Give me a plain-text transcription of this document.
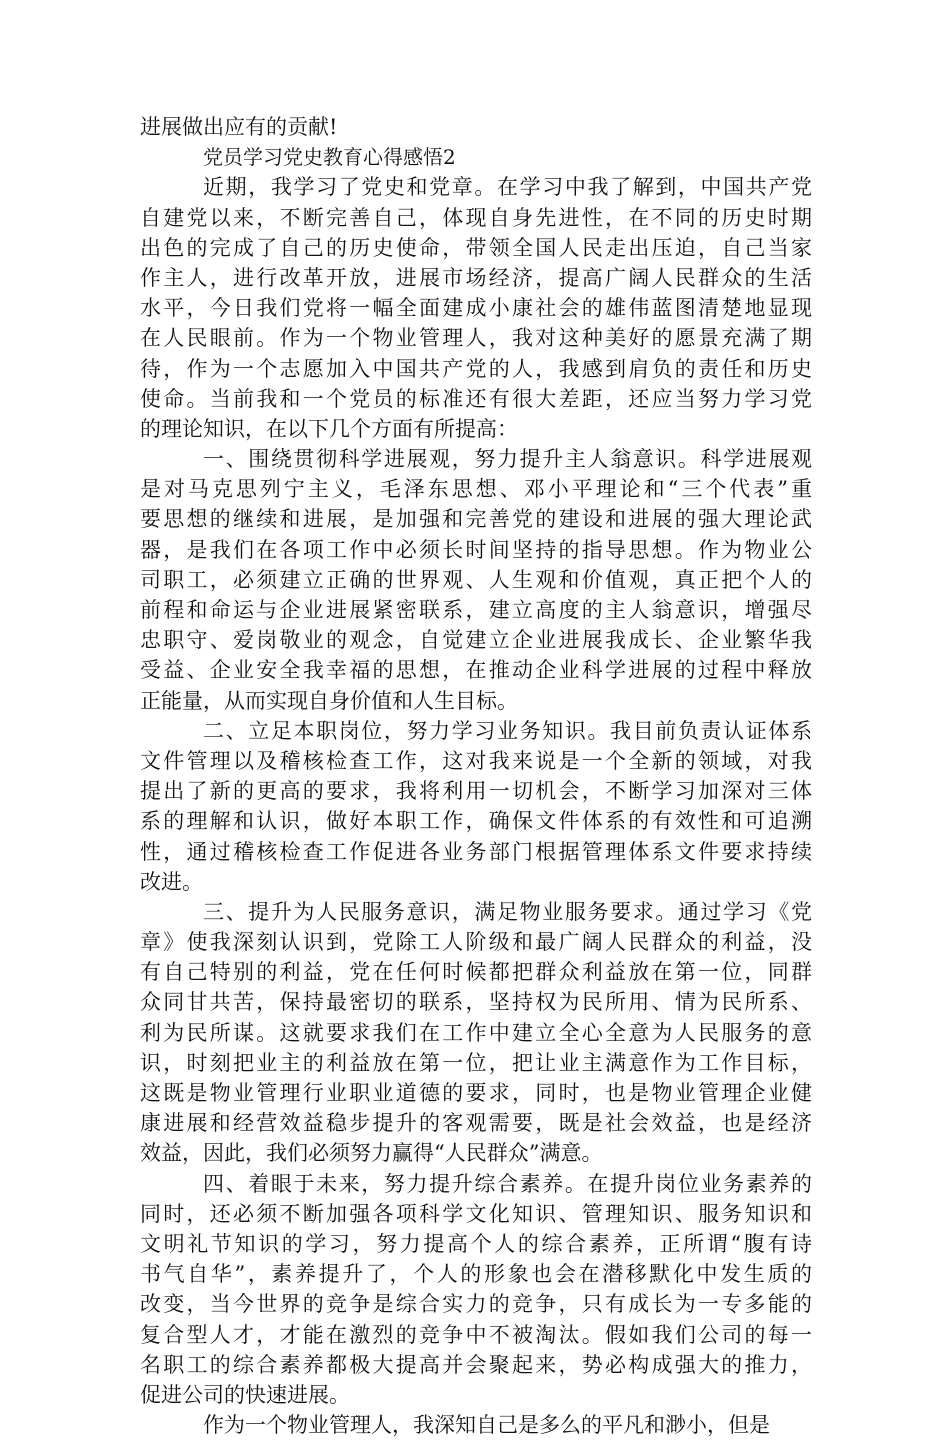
进展做出应有的贡献!
党员学习党史教育心得感悟2
近期，我学习了党史和党章。在学习中我了解到，中国共产党
自建党以来，不断完善自己，体现自身先进性，在不同的历史时期
出色的完成了自己的历史使命，带领全国人民走出压迫，自己当家
作主人，进行改革开放，进展市场经济，提高广阔人民群众的生活
水平，今日我们党将一幅全面建成小康社会的雄伟蓝图清楚地显现
在人民眼前。作为一个物业管理人，我对这种美好的愿景充满了期
待，作为一个志愿加入中国共产党的人，我感到肩负的责任和历史
使命。当前我和一个党员的标准还有很大差距，还应当努力学习党
的理论知识，在以下几个方面有所提高：
一、围绕贯彻科学进展观，努力提升主人翁意识。科学进展观
是对马克思列宁主义，毛泽东思想、邓小平理论和“三个代表”重
要思想的继续和进展，是加强和完善党的建设和进展的强大理论武
器，是我们在各项工作中必须长时间坚持的指导思想。作为物业公
司职工，必须建立正确的世界观、人生观和价值观，真正把个人的
前程和命运与企业进展紧密联系，建立高度的主人翁意识，增强尽
忠职守、爱岗敬业的观念，自觉建立企业进展我成长、企业繁华我
受益、企业安全我幸福的思想，在推动企业科学进展的过程中释放
正能量，从而实现自身价值和人生目标。
二、立足本职岗位，努力学习业务知识。我目前负责认证体系
文件管理以及稽核检查工作，这对我来说是一个全新的领域，对我
提出了新的更高的要求，我将利用一切机会，不断学习加深对三体
系的理解和认识，做好本职工作，确保文件体系的有效性和可追溯
性，通过稽核检查工作促进各业务部门根据管理体系文件要求持续
改进。
三、提升为人民服务意识，满足物业服务要求。通过学习《党
章》使我深刻认识到，党除工人阶级和最广阔人民群众的利益，没
有自己特别的利益，党在任何时候都把群众利益放在第一位，同群
众同甘共苦，保持最密切的联系，坚持权为民所用、情为民所系、
利为民所谋。这就要求我们在工作中建立全心全意为人民服务的意
识，时刻把业主的利益放在第一位，把让业主满意作为工作目标，
这既是物业管理行业职业道德的要求，同时，也是物业管理企业健
康进展和经营效益稳步提升的客观需要，既是社会效益，也是经济
效益，因此，我们必须努力赢得“人民群众”满意。
四、着眼于未来，努力提升综合素养。在提升岗位业务素养的
同时，还必须不断加强各项科学文化知识、管理知识、服务知识和
文明礼节知识的学习，努力提高个人的综合素养，正所谓“腹有诗
书气自华”，素养提升了，个人的形象也会在潜移默化中发生质的
改变，当今世界的竞争是综合实力的竞争，只有成长为一专多能的
复合型人才，才能在激烈的竞争中不被淘汰。假如我们公司的每一
名职工的综合素养都极大提高并会聚起来，势必构成强大的推力，
促进公司的快速进展。
作为一个物业管理人，我深知自己是多么的平凡和渺小，但是
